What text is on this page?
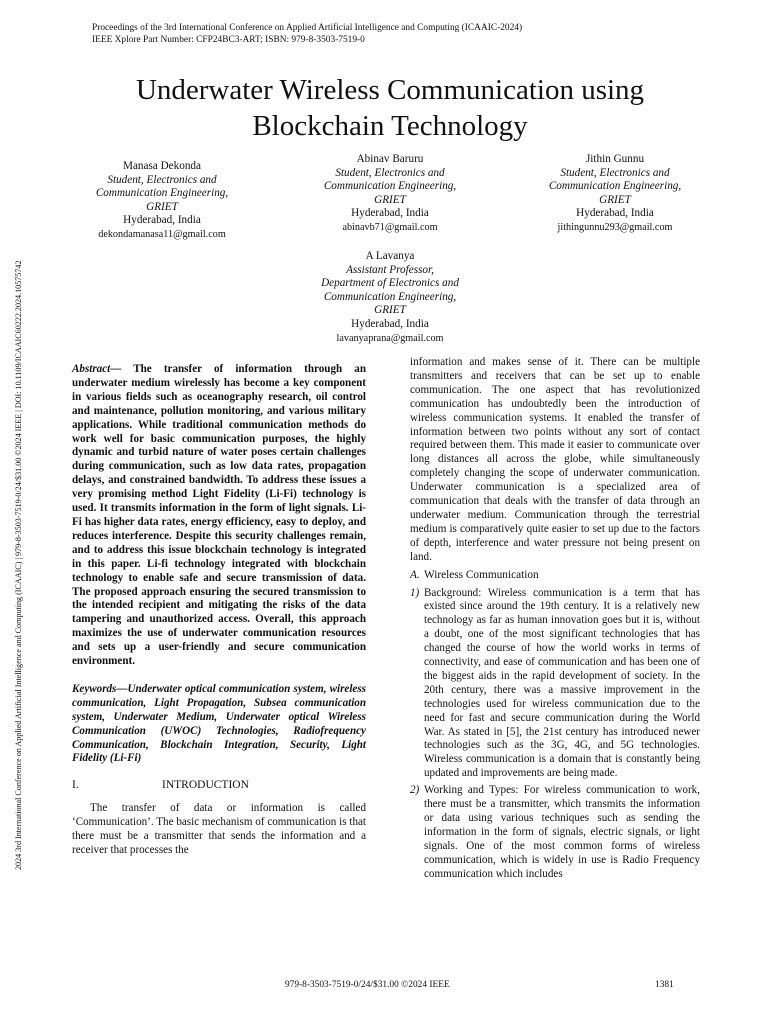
Proceedings of the 3rd International Conference on Applied Artificial Intelligence and Computing (ICAAIC-2024)
IEEE Xplore Part Number: CFP24BC3-ART; ISBN: 979-8-3503-7519-0
Underwater Wireless Communication using
Blockchain Technology
Manasa Dekonda
Student, Electronics and
Communication Engineering,
GRIET
Hyderabad, India
dekondamanasa11@gmail.com
Abinav Baruru
Student, Electronics and
Communication Engineering,
GRIET
Hyderabad, India
abinavb71@gmail.com
Jithin Gunnu
Student, Electronics and
Communication Engineering,
GRIET
Hyderabad, India
jithingunnu293@gmail.com
A Lavanya
Assistant Professor,
Department of Electronics and
Communication Engineering,
GRIET
Hyderabad, India
lavanyaprana@gmail.com
2024 3rd International Conference on Applied Artificial Intelligence and Computing (ICAAIC) | 979-8-3503-7519-0/24/$31.00 ©2024 IEEE | DOI: 10.1109/ICAAIC60222.2024.10575742	Abstract— The transfer of information through an underwater medium wirelessly has become a key component in various fields such as oceanography research, oil control and maintenance, pollution monitoring, and various military applications. While traditional communication methods do work well for basic communication purposes, the highly dynamic and turbid nature of water poses certain challenges during communication, such as low data rates, propagation delays, and constrained bandwidth. To address these issues a very promising method Light Fidelity (Li-Fi) technology is used. It transmits information in the form of light signals. Li-Fi has higher data rates, energy efficiency, easy to deploy, and reduces interference. Despite this security challenges remain, and to address this issue blockchain technology is integrated in this paper. Li-fi technology integrated with blockchain technology to enable safe and secure transmission of data. The proposed approach ensuring the secured transmission to the intended recipient and mitigating the risks of the data tampering and unauthorized access. Overall, this approach maximizes the use of underwater communication resources and sets up a user-friendly and secure communication environment.

Keywords—Underwater optical communication system, wireless communication, Light Propagation, Subsea communication system, Underwater Medium, Underwater optical Wireless Communication (UWOC) Technologies, Radiofrequency Communication, Blockchain Integration, Security, Light Fidelity (Li-Fi)

I.	INTRODUCTION

The transfer of data or information is called ‘Communication’. The basic mechanism of communication is that there must be a transmitter that sends the information and a receiver that processes the

information and makes sense of it. There can be multiple transmitters and receivers that can be set up to enable communication. The one aspect that has revolutionized communication has undoubtedly been the introduction of wireless communication systems. It enabled the transfer of information between two points without any sort of contact required between them. This made it easier to communicate over long distances all across the globe, while simultaneously completely changing the scope of underwater communication. Underwater communication is a specialized area of communication that deals with the transfer of data through an underwater medium. Communication through the terrestrial medium is comparatively quite easier to set up due to the factors of depth, interference and water pressure not being present on land.

A. Wireless Communication
1) Background: Wireless communication is a term that has existed since around the 19th century. It is a relatively new technology as far as human innovation goes but it is, without a doubt, one of the most significant technologies that has changed the course of how the world works in terms of connectivity, and ease of communication and has been one of the biggest aids in the rapid development of society. In the 20th century, there was a massive improvement in the technologies used for wireless communication due to the need for fast and secure communication during the World War. As stated in [5], the 21st century has introduced newer technologies such as the 3G, 4G, and 5G technologies. Wireless communication is a domain that is constantly being updated and improvements are being made.
2) Working and Types: For wireless communication to work, there must be a transmitter, which transmits the information or data using various techniques such as sending the information in the form of signals, electric signals, or light signals. One of the most common forms of wireless communication, which is widely in use is Radio Frequency communication which includes
979-8-3503-7519-0/24/$31.00 ©2024 IEEE	1381
